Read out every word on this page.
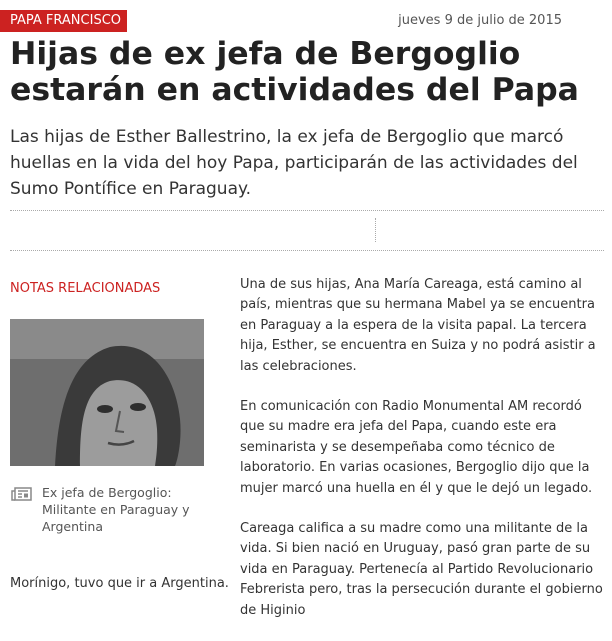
PAPA FRANCISCO	jueves 9 de julio de 2015
Hijas de ex jefa de Bergoglio estarán en actividades del Papa

Las hijas de Esther Ballestrino, la ex jefa de Bergoglio que marcó huellas en la vida del hoy Papa, participarán de las actividades del Sumo Pontífice en Paraguay.

NOTAS RELACIONADAS
Ex jefa de Bergoglio: Militante en Paraguay y Argentina

Una de sus hijas, Ana María Careaga, está camino al país, mientras que su hermana Mabel ya se encuentra en Paraguay a la espera de la visita papal. La tercera hija, Esther, se encuentra en Suiza y no podrá asistir a las celebraciones.

En comunicación con Radio Monumental AM recordó que su madre era jefa del Papa, cuando este era seminarista y se desempeñaba como técnico de laboratorio. En varias ocasiones, Bergoglio dijo que la mujer marcó una huella en él y que le dejó un legado.

Careaga califica a su madre como una militante de la vida. Si bien nació en Uruguay, pasó gran parte de su vida en Paraguay. Pertenecía al Partido Revolucionario Febrerista pero, tras la persecución durante el gobierno de Higinio

Morínigo, tuvo que ir a Argentina.
